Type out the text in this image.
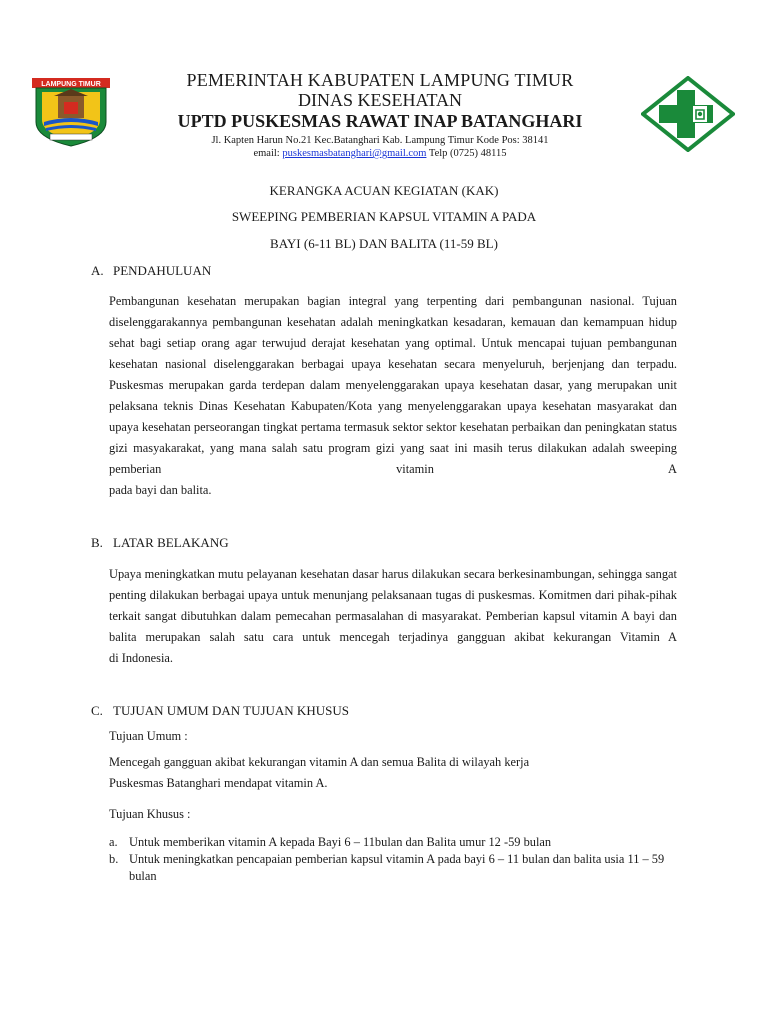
LAMPUNG TIMUR	PEMERINTAH KABUPATEN LAMPUNG TIMUR
DINAS KESEHATAN
UPTD PUSKESMAS RAWAT INAP BATANGHARI
Jl. Kapten Harun No.21 Kec.Batanghari Kab. Lampung Timur Kode Pos: 38141
email: puskesmasbatanghari@gmail.com Telp (0725) 48115
KERANGKA ACUAN KEGIATAN (KAK)
SWEEPING PEMBERIAN KAPSUL VITAMIN A PADA
BAYI (6-11 BL) DAN BALITA (11-59 BL)
A. PENDAHULUAN
Pembangunan kesehatan merupakan bagian integral yang terpenting dari pembangunan nasional. Tujuan diselenggarakannya pembangunan kesehatan adalah meningkatkan kesadaran, kemauan dan kemampuan hidup sehat bagi setiap orang agar terwujud derajat kesehatan yang optimal. Untuk mencapai tujuan pembangunan kesehatan nasional diselenggarakan berbagai upaya kesehatan secara menyeluruh, berjenjang dan terpadu. Puskesmas merupakan garda terdepan dalam menyelenggarakan upaya kesehatan dasar, yang merupakan unit pelaksana teknis Dinas Kesehatan Kabupaten/Kota yang menyelenggarakan upaya kesehatan masyarakat dan upaya kesehatan perseorangan tingkat pertama termasuk sektor sektor kesehatan perbaikan dan peningkatan status gizi masyakarakat, yang mana salah satu program gizi yang saat ini masih terus dilakukan adalah sweeping pemberian vitamin A
pada bayi dan balita.
B. LATAR BELAKANG
Upaya meningkatkan mutu pelayanan kesehatan dasar harus dilakukan secara berkesinambungan, sehingga sangat penting dilakukan berbagai upaya untuk menunjang pelaksanaan tugas di puskesmas. Komitmen dari pihak-pihak terkait sangat dibutuhkan dalam pemecahan permasalahan di masyarakat. Pemberian kapsul vitamin A bayi dan balita merupakan salah satu cara untuk mencegah terjadinya gangguan akibat kekurangan Vitamin A
di Indonesia.
C. TUJUAN UMUM DAN TUJUAN KHUSUS
Tujuan Umum :
Mencegah gangguan akibat kekurangan vitamin A dan semua Balita di wilayah kerja
Puskesmas Batanghari mendapat vitamin A.
Tujuan Khusus :
a. Untuk memberikan vitamin A kepada Bayi 6 – 11bulan dan Balita umur 12 -59 bulan
b. Untuk meningkatkan pencapaian pemberian kapsul vitamin A pada bayi 6 – 11 bulan dan balita usia 11 – 59 bulan
